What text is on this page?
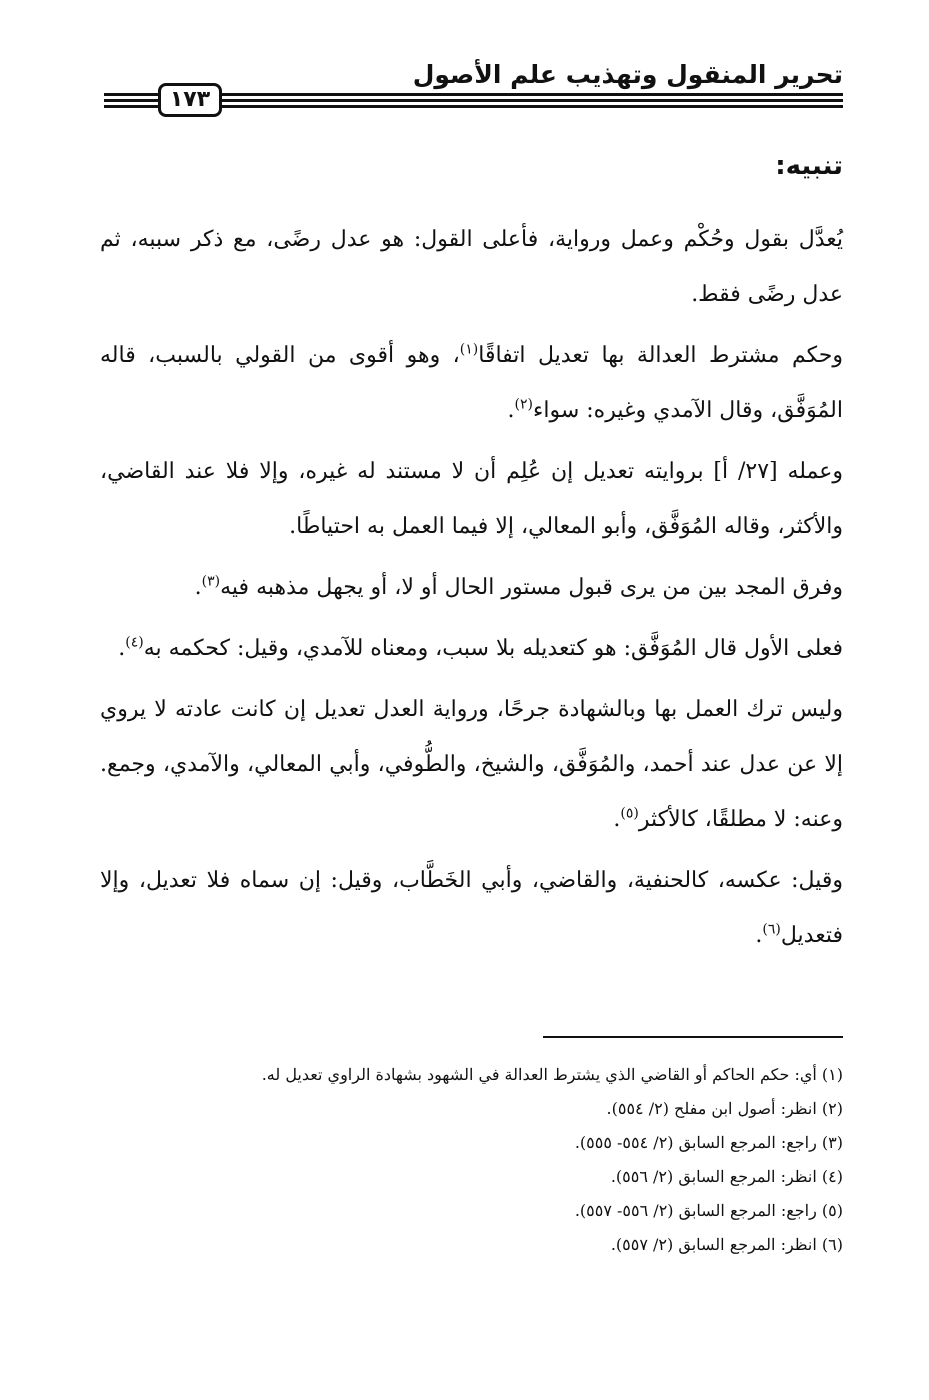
تحرير المنقول وتهذيب علم الأصول
١٧٣
تنبيه:

يُعدَّل بقول وحُكْم وعمل ورواية، فأعلى القول: هو عدل رضًى، مع ذكر سببه، ثم عدل رضًى فقط.

وحكم مشترط العدالة بها تعديل اتفاقًا$^{(١)}$، وهو أقوى من القولي بالسبب، قاله المُوَفَّق، وقال الآمدي وغيره: سواء$^{(٢)}$.

وعمله [٢٧/ أ] بروايته تعديل إن عُلِم أن لا مستند له غيره، وإلا فلا عند القاضي، والأكثر، وقاله المُوَفَّق، وأبو المعالي، إلا فيما العمل به احتياطًا.

وفرق المجد بين من يرى قبول مستور الحال أو لا، أو يجهل مذهبه فيه$^{(٣)}$.

فعلى الأول قال المُوَفَّق: هو كتعديله بلا سبب، ومعناه للآمدي، وقيل: كحكمه به$^{(٤)}$.

وليس ترك العمل بها وبالشهادة جرحًا، ورواية العدل تعديل إن كانت عادته لا يروي إلا عن عدل عند أحمد، والمُوَفَّق، والشيخ، والطُّوفي، وأبي المعالي، والآمدي، وجمع. وعنه: لا مطلقًا، كالأكثر$^{(٥)}$.

وقيل: عكسه، كالحنفية، والقاضي، وأبي الخَطَّاب، وقيل: إن سماه فلا تعديل، وإلا فتعديل$^{(٦)}$.

(١) أي: حكم الحاكم أو القاضي الذي يشترط العدالة في الشهود بشهادة الراوي تعديل له.
(٢) انظر: أصول ابن مفلح (٢/ ٥٥٤).
(٣) راجع: المرجع السابق (٢/ ٥٥٤- ٥٥٥).
(٤) انظر: المرجع السابق (٢/ ٥٥٦).
(٥) راجع: المرجع السابق (٢/ ٥٥٦- ٥٥٧).
(٦) انظر: المرجع السابق (٢/ ٥٥٧).
